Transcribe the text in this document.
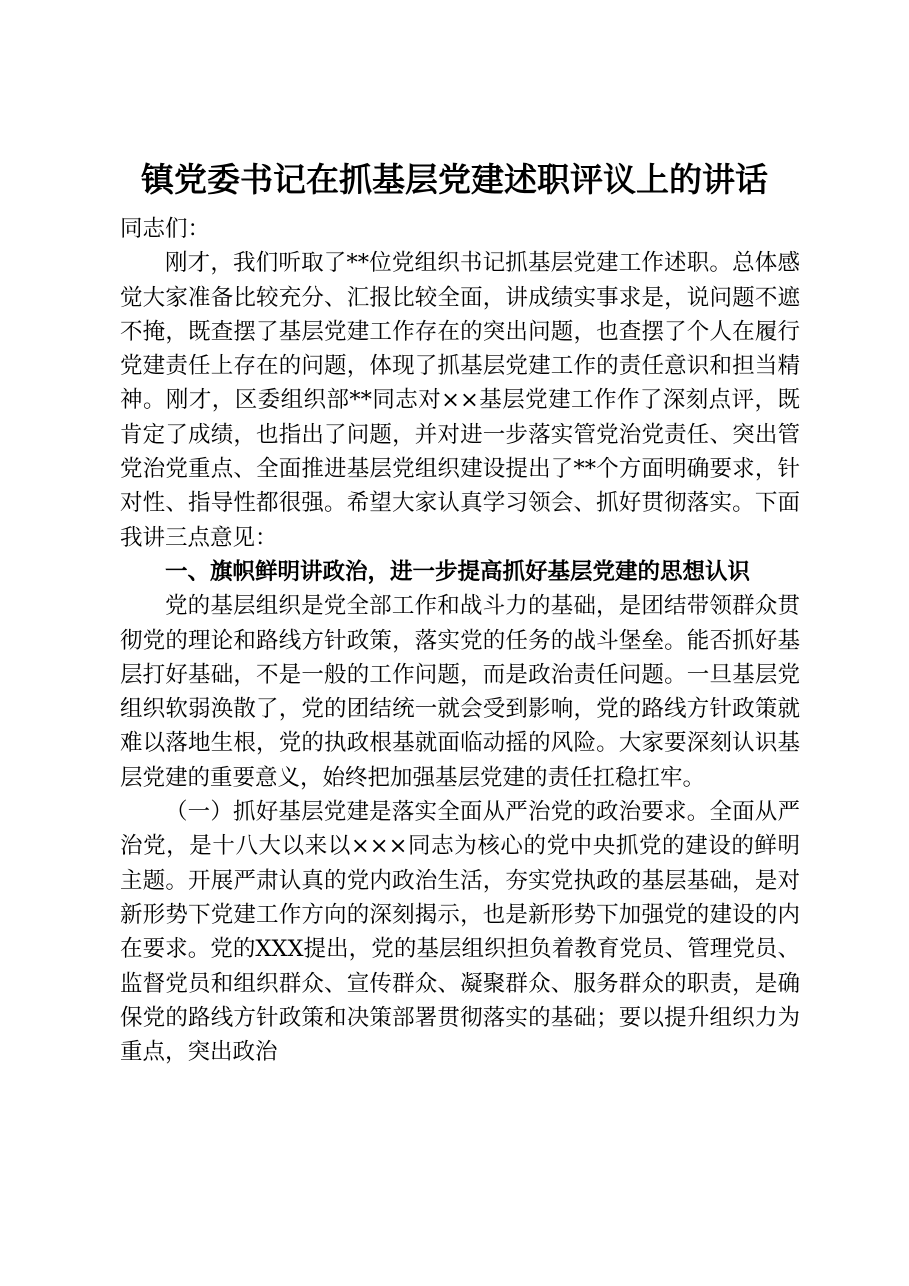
镇党委书记在抓基层党建述职评议上的讲话

同志们：

刚才，我们听取了**位党组织书记抓基层党建工作述职。总体感觉大家准备比较充分、汇报比较全面，讲成绩实事求是，说问题不遮不掩，既查摆了基层党建工作存在的突出问题，也查摆了个人在履行党建责任上存在的问题，体现了抓基层党建工作的责任意识和担当精神。刚才，区委组织部**同志对××基层党建工作作了深刻点评，既肯定了成绩，也指出了问题，并对进一步落实管党治党责任、突出管党治党重点、全面推进基层党组织建设提出了**个方面明确要求，针对性、指导性都很强。希望大家认真学习领会、抓好贯彻落实。下面我讲三点意见：

一、旗帜鲜明讲政治，进一步提高抓好基层党建的思想认识

党的基层组织是党全部工作和战斗力的基础，是团结带领群众贯彻党的理论和路线方针政策，落实党的任务的战斗堡垒。能否抓好基层打好基础，不是一般的工作问题，而是政治责任问题。一旦基层党组织软弱涣散了，党的团结统一就会受到影响，党的路线方针政策就难以落地生根，党的执政根基就面临动摇的风险。大家要深刻认识基层党建的重要意义，始终把加强基层党建的责任扛稳扛牢。

（一）抓好基层党建是落实全面从严治党的政治要求。全面从严治党，是十八大以来以×××同志为核心的党中央抓党的建设的鲜明主题。开展严肃认真的党内政治生活，夯实党执政的基层基础，是对新形势下党建工作方向的深刻揭示，也是新形势下加强党的建设的内在要求。党的XXX提出，党的基层组织担负着教育党员、管理党员、监督党员和组织群众、宣传群众、凝聚群众、服务群众的职责，是确保党的路线方针政策和决策部署贯彻落实的基础；要以提升组织力为重点，突出政治
